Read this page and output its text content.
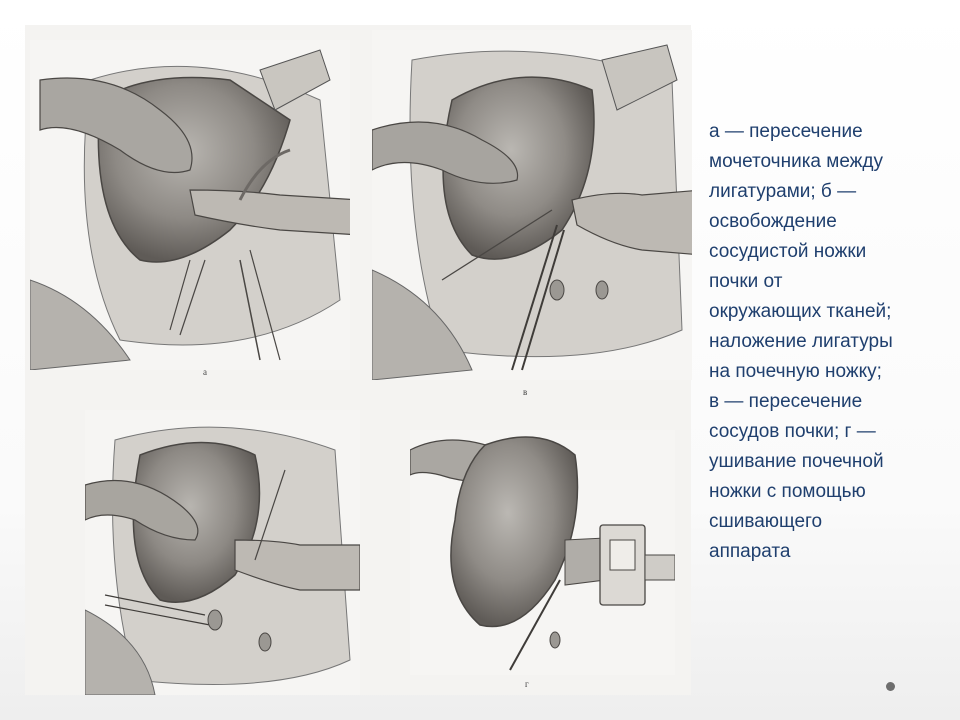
а
в
г

а — пересечение
мочеточника между
лигатурами; б —
освобождение
сосудистой ножки
почки от
окружающих тканей;
наложение лигатуры
на почечную ножку;
в — пересечение
сосудов почки; г —
ушивание почечной
ножки с помощью
сшивающего
аппарата
